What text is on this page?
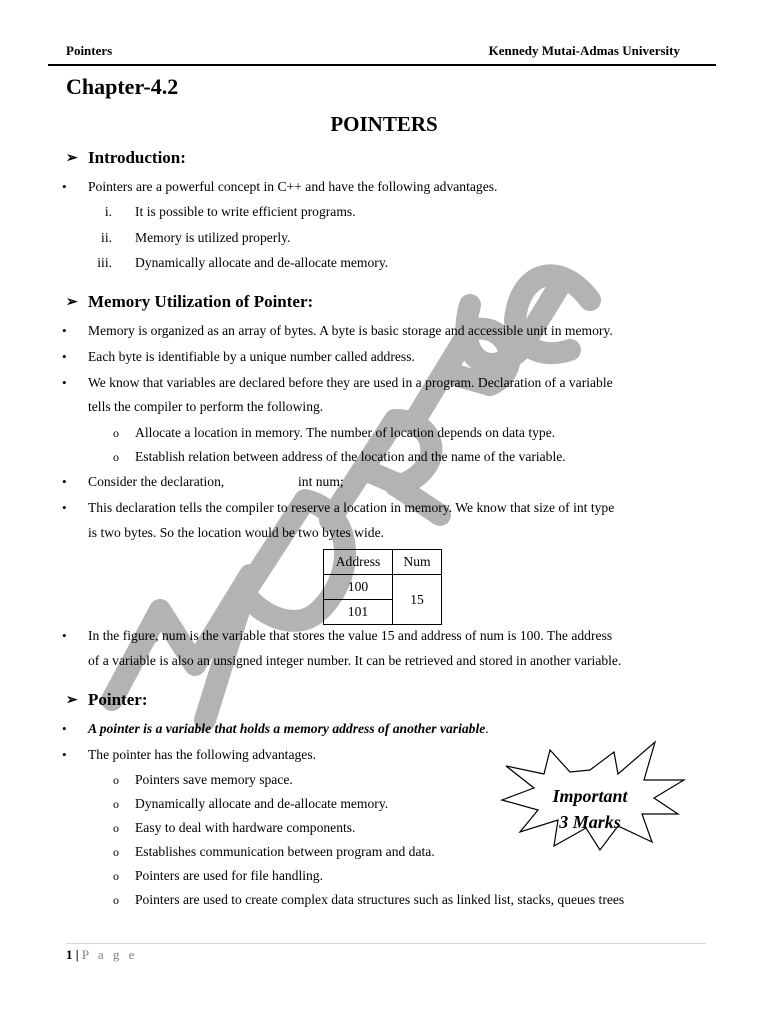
Pointers	Kennedy Mutai-Admas University
Chapter-4.2
POINTERS
➢ Introduction:
• Pointers are a powerful concept in C++ and have the following advantages.
i. It is possible to write efficient programs.
ii. Memory is utilized properly.
iii. Dynamically allocate and de-allocate memory.
➢ Memory Utilization of Pointer:
• Memory is organized as an array of bytes. A byte is basic storage and accessible unit in memory.
• Each byte is identifiable by a unique number called address.
• We know that variables are declared before they are used in a program. Declaration of a variable
tells the compiler to perform the following.
o Allocate a location in memory. The number of location depends on data type.
o Establish relation between address of the location and the name of the variable.
• Consider the declaration,	int num;
• This declaration tells the compiler to reserve a location in memory. We know that size of int type
is two bytes. So the location would be two bytes wide.
Address	Num
100	15
101	
• In the figure, num is the variable that stores the value 15 and address of num is 100. The address
of a variable is also an unsigned integer number. It can be retrieved and stored in another variable.
➢ Pointer:
• A pointer is a variable that holds a memory address of another variable.
• The pointer has the following advantages.
o Pointers save memory space.
o Dynamically allocate and de-allocate memory.
o Easy to deal with hardware components.
o Establishes communication between program and data.
o Pointers are used for file handling.
o Pointers are used to create complex data structures such as linked list, stacks, queues trees
Important
3 Marks
1 | P a g e
